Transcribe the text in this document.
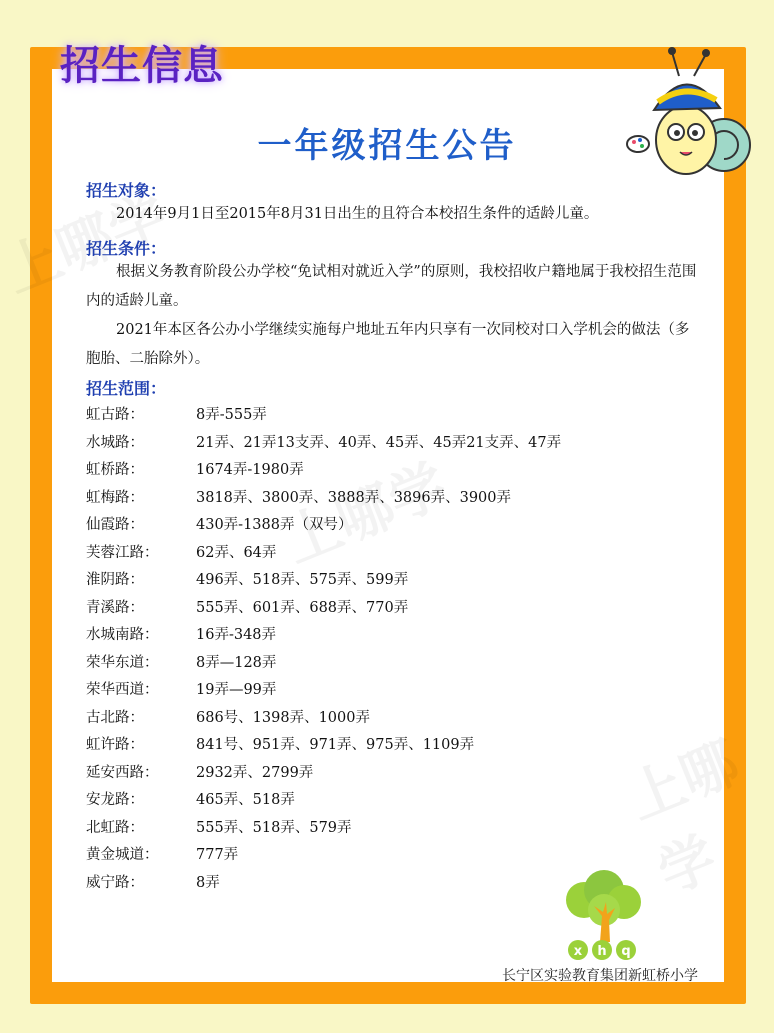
招生信息
一年级招生公告
招生对象：
2014年9月1日至2015年8月31日出生的且符合本校招生条件的适龄儿童。
招生条件：
根据义务教育阶段公办学校“免试相对就近入学”的原则，我校招收户籍地属于我校招生范围内的适龄儿童。
2021年本区各公办小学继续实施每户地址五年内只享有一次同校对口入学机会的做法（多胞胎、二胎除外）。
招生范围：
虹古路：	8弄-555弄
水城路：	21弄、21弄13支弄、40弄、45弄、45弄21支弄、47弄
虹桥路：	1674弄-1980弄
虹梅路：	3818弄、3800弄、3888弄、3896弄、3900弄
仙霞路：	430弄-1388弄（双号）
芙蓉江路：	62弄、64弄
淮阴路：	496弄、518弄、575弄、599弄
青溪路：	555弄、601弄、688弄、770弄
水城南路：	16弄-348弄
荣华东道：	8弄—128弄
荣华西道：	19弄—99弄
古北路：	686号、1398弄、1000弄
虹许路：	841号、951弄、971弄、975弄、1109弄
延安西路：	2932弄、2799弄
安龙路：	465弄、518弄
北虹路：	555弄、518弄、579弄
黄金城道：	777弄
威宁路：	8弄
x h q
长宁区实验教育集团新虹桥小学
